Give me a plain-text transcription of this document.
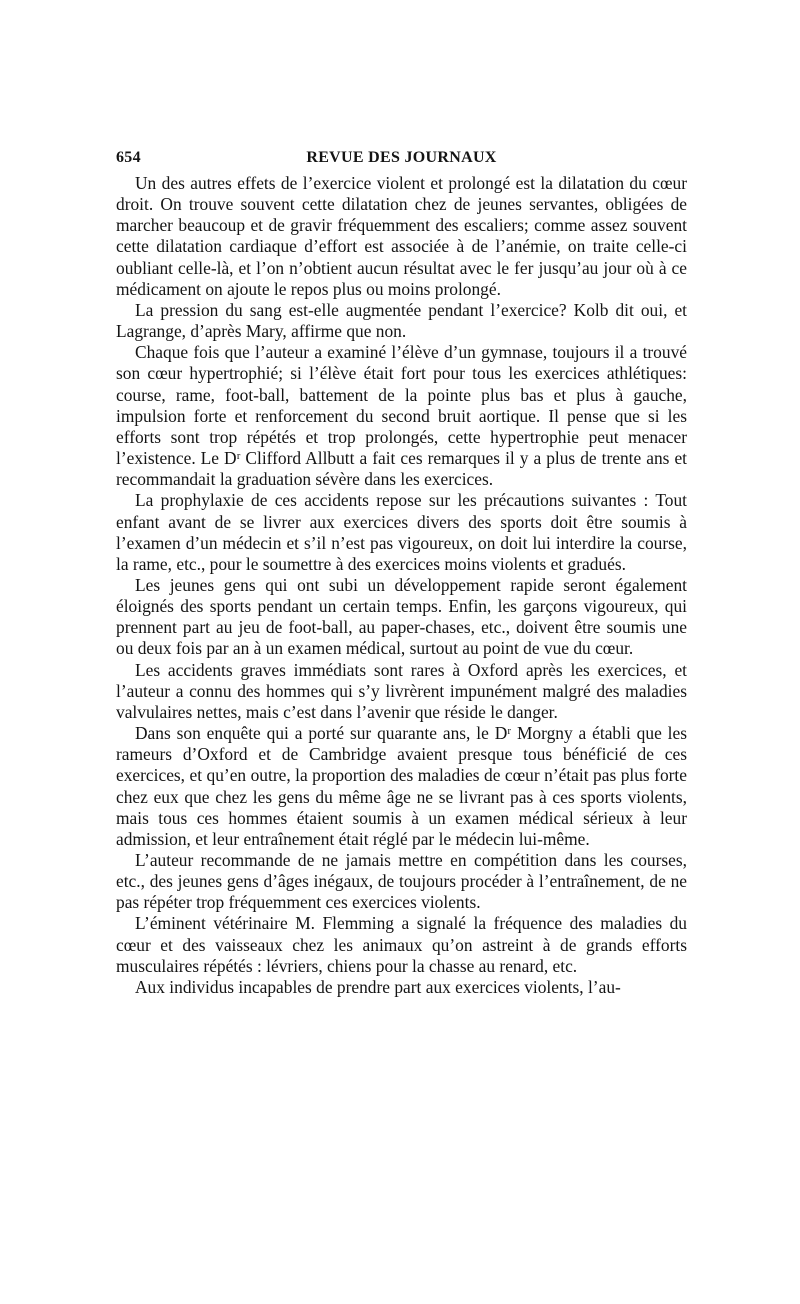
654	REVUE DES JOURNAUX

Un des autres effets de l’exercice violent et prolongé est la dilatation du cœur droit. On trouve souvent cette dilatation chez de jeunes servantes, obligées de marcher beaucoup et de gravir fréquemment des escaliers; comme assez souvent cette dilatation cardiaque d’effort est associée à de l’anémie, on traite celle-ci oubliant celle-là, et l’on n’obtient aucun résultat avec le fer jusqu’au jour où à ce médicament on ajoute le repos plus ou moins prolongé.

La pression du sang est-elle augmentée pendant l’exercice? Kolb dit oui, et Lagrange, d’après Mary, affirme que non.

Chaque fois que l’auteur a examiné l’élève d’un gymnase, toujours il a trouvé son cœur hypertrophié; si l’élève était fort pour tous les exercices athlétiques: course, rame, foot-ball, battement de la pointe plus bas et plus à gauche, impulsion forte et renforcement du second bruit aortique. Il pense que si les efforts sont trop répétés et trop prolongés, cette hypertrophie peut menacer l’existence. Le Dʳ Clifford Allbutt a fait ces remarques il y a plus de trente ans et recommandait la graduation sévère dans les exercices.

La prophylaxie de ces accidents repose sur les précautions suivantes : Tout enfant avant de se livrer aux exercices divers des sports doit être soumis à l’examen d’un médecin et s’il n’est pas vigoureux, on doit lui interdire la course, la rame, etc., pour le soumettre à des exercices moins violents et gradués.

Les jeunes gens qui ont subi un développement rapide seront également éloignés des sports pendant un certain temps. Enfin, les garçons vigoureux, qui prennent part au jeu de foot-ball, au paper-chases, etc., doivent être soumis une ou deux fois par an à un examen médical, surtout au point de vue du cœur.

Les accidents graves immédiats sont rares à Oxford après les exercices, et l’auteur a connu des hommes qui s’y livrèrent impunément malgré des maladies valvulaires nettes, mais c’est dans l’avenir que réside le danger.

Dans son enquête qui a porté sur quarante ans, le Dʳ Morgny a établi que les rameurs d’Oxford et de Cambridge avaient presque tous bénéficié de ces exercices, et qu’en outre, la proportion des maladies de cœur n’était pas plus forte chez eux que chez les gens du même âge ne se livrant pas à ces sports violents, mais tous ces hommes étaient soumis à un examen médical sérieux à leur admission, et leur entraînement était réglé par le médecin lui-même.

L’auteur recommande de ne jamais mettre en compétition dans les courses, etc., des jeunes gens d’âges inégaux, de toujours procéder à l’entraînement, de ne pas répéter trop fréquemment ces exercices violents.

L’éminent vétérinaire M. Flemming a signalé la fréquence des maladies du cœur et des vaisseaux chez les animaux qu’on astreint à de grands efforts musculaires répétés : lévriers, chiens pour la chasse au renard, etc.

Aux individus incapables de prendre part aux exercices violents, l’au-
